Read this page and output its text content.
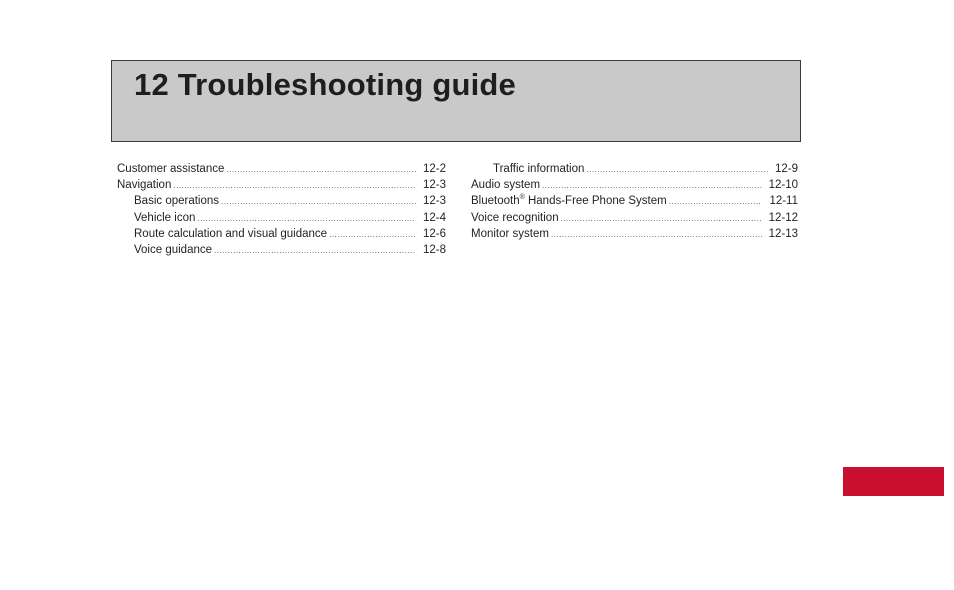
12 Troubleshooting guide
Customer assistance .....	12-2
Navigation .....	12-3
Basic operations .....	12-3
Vehicle icon .....	12-4
Route calculation and visual guidance .....	12-6
Voice guidance .....	12-8
Traffic information .....	12-9
Audio system .....	12-10
Bluetooth® Hands-Free Phone System .....	12-11
Voice recognition .....	12-12
Monitor system .....	12-13
